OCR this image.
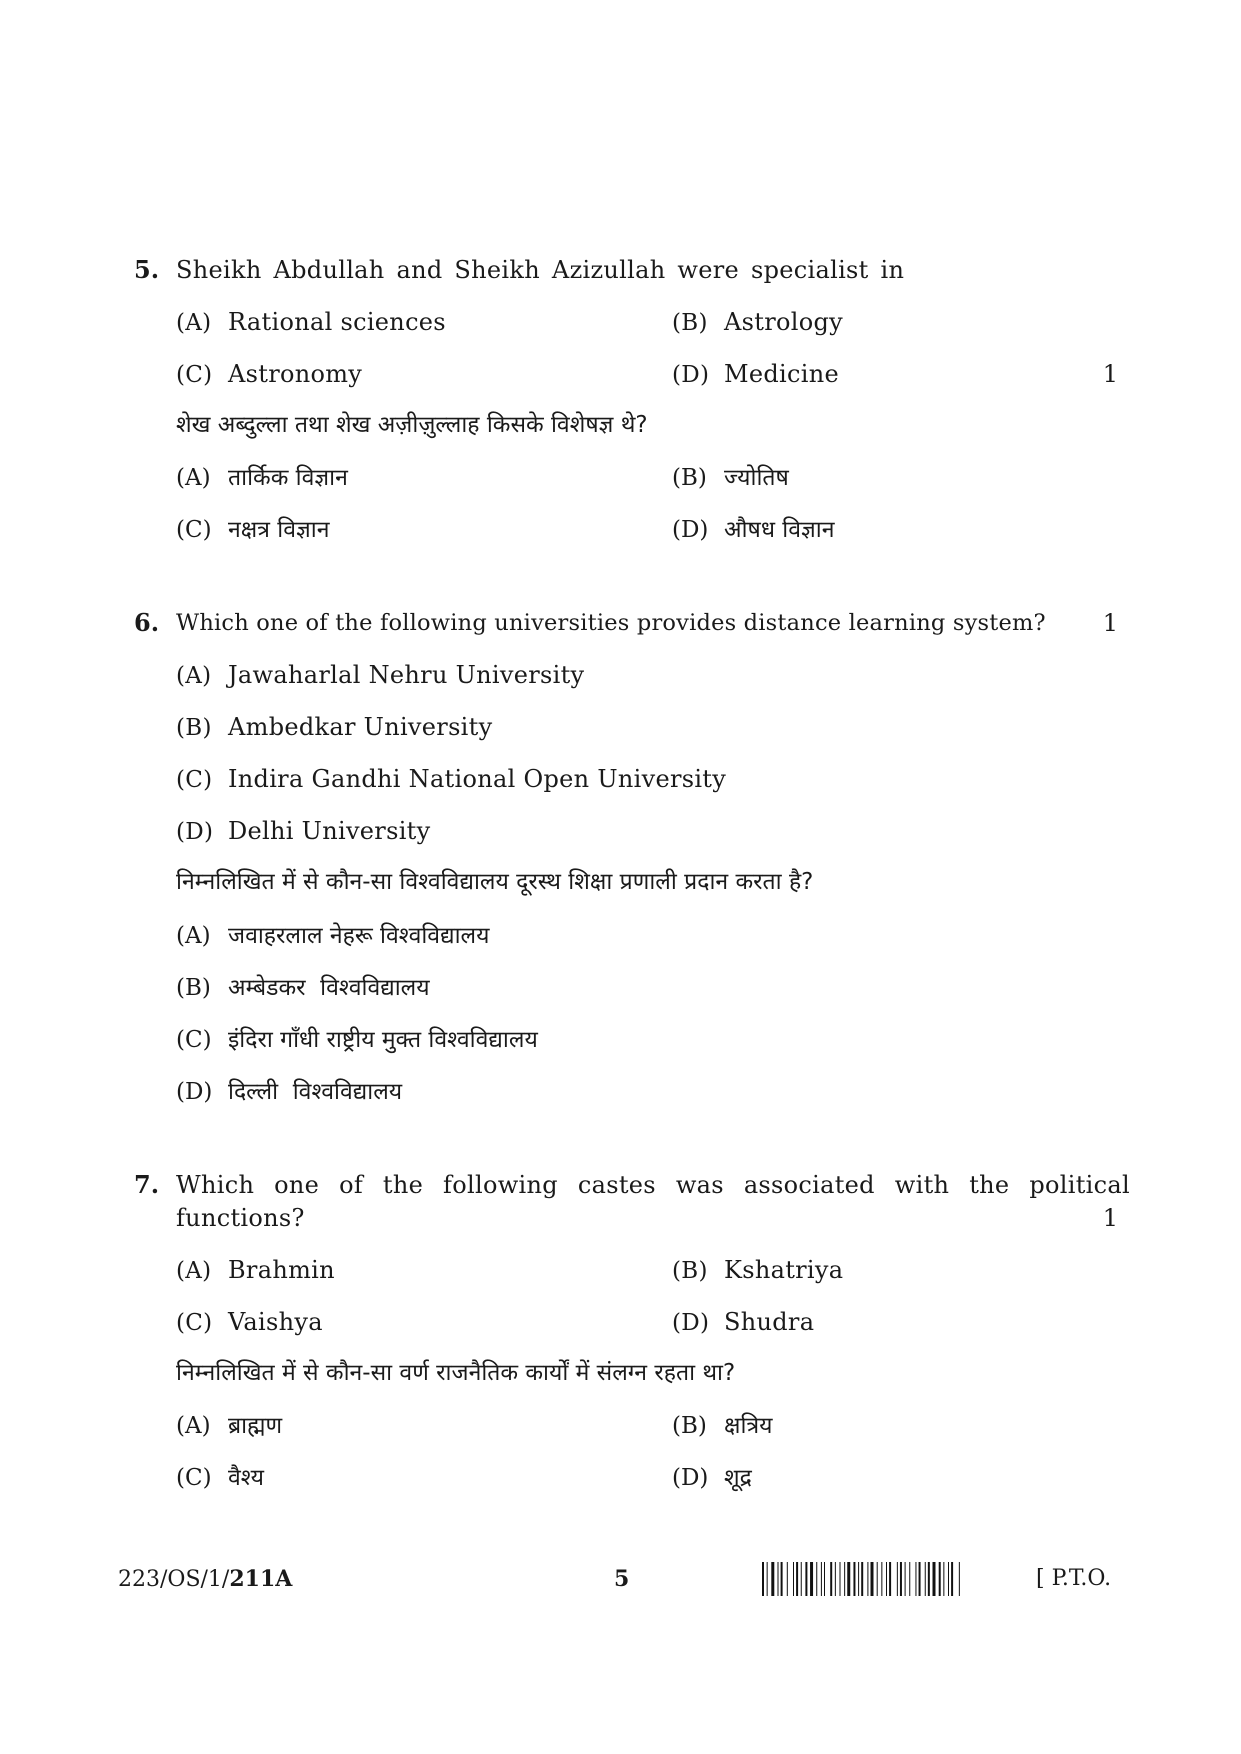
5. Sheikh Abdullah and Sheikh Azizullah were specialist in
(A) Rational sciences	(B) Astrology
(C) Astronomy	(D) Medicine	1
शेख अब्दुल्ला तथा शेख अज़ीज़ुल्लाह किसके विशेषज्ञ थे?
(A) तार्किक विज्ञान	(B) ज्योतिष
(C) नक्षत्र विज्ञान	(D) औषध विज्ञान
6. Which one of the following universities provides distance learning system? 1
(A) Jawaharlal Nehru University
(B) Ambedkar University
(C) Indira Gandhi National Open University
(D) Delhi University
निम्नलिखित में से कौन-सा विश्वविद्यालय दूरस्थ शिक्षा प्रणाली प्रदान करता है?
(A) जवाहरलाल नेहरू विश्वविद्यालय
(B) अम्बेडकर  विश्वविद्यालय
(C) इंदिरा गाँधी राष्ट्रीय मुक्त विश्वविद्यालय
(D) दिल्ली  विश्वविद्यालय
7. Which one of the following castes was associated with the political
functions?	1
(A) Brahmin	(B) Kshatriya
(C) Vaishya	(D) Shudra
निम्नलिखित में से कौन-सा वर्ण राजनैतिक कार्यों में संलग्न रहता था?
(A) ब्राह्मण	(B) क्षत्रिय
(C) वैश्य	(D) शूद्र
223/OS/1/211A	5	[ P.T.O.
